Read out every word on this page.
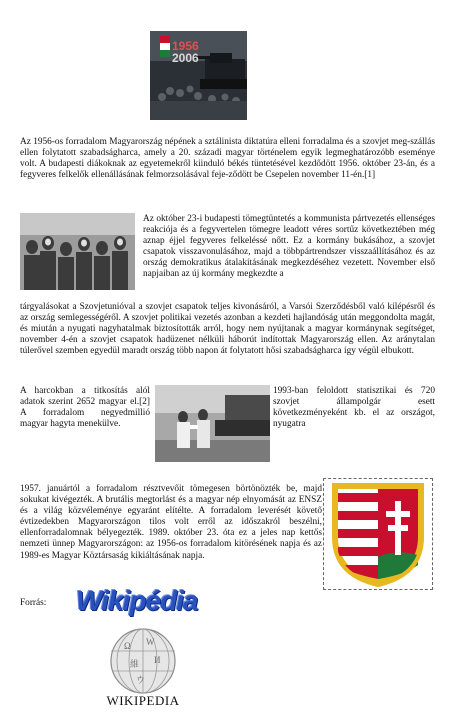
1956
2006

Az 1956-os forradalom Magyarország népének a sztálinista diktatúra elleni forradalma és a szovjet meg-szállás ellen folytatott szabadságharca, amely a 20. századi magyar történelem egyik legmeghatározóbb eseménye volt. A budapesti diákoknak az egyetemekről kiinduló békés tüntetésével kezdődött 1956. október 23-án, és a fegyveres felkelők ellenállásának felmorzsolásával feje-ződött be Csepelen november 11-én.[1]

Az október 23-i budapesti tömegtüntetés a kommunista pártvezetés ellenséges reakciója és a fegyvertelen tömegre leadott véres sortűz következtében még aznap éjjel fegyveres felkeléssé nőtt. Ez a kormány bukásához, a szovjet csapatok visszavonulásához, majd a többpártrendszer visszaállításához és az ország demokratikus átalakításának megkezdéséhez vezetett. November első napjaiban az új kormány megkezdte a

tárgyalásokat a Szovjetunióval a szovjet csapatok teljes kivonásáról, a Varsói Szerződésből való kilépésről és az ország semlegességéről. A szovjet politikai vezetés azonban a kezdeti hajlandóság után meggondolta magát, és miután a nyugati nagyhatalmak biztosították arról, hogy nem nyújtanak a magyar kormánynak segítséget, november 4-én a szovjet csapatok hadüzenet nélküli háborút indítottak Magyarország ellen. Az aránytalan túlerővel szemben egyedül maradt ország több napon át folytatott hősi szabadságharca így végül elbukott.

A harcokban a titkosítás alól adatok szerint 2652 magyar el.[2] A forradalom negyedmillió magyar hagyta menekülve.

1993-ban feloldott statisztikai és 720 szovjet állampolgár esett következményeként kb. el az országot, nyugatra

1957. januártól a forradalom résztvevőit tömegesen börtönözték be, majd sokukat kivégezték. A brutális megtorlást és a magyar nép elnyomását az ENSZ és a világ közvéleménye egyaránt elítélte. A forradalom leverését követő évtizedekben Magyarországon tilos volt erről az időszakról beszélni, ellenforradalomnak bélyegezték. 1989. október 23. óta ez a jeles nap kettős nemzeti ünnep Magyarországon: az 1956-os forradalom kitörésének napja és az 1989-es Magyar Köztársaság kikiáltásának napja.

Forrás: Wikipédia
Ω W
維 И
ウ
WIKIPEDIA
